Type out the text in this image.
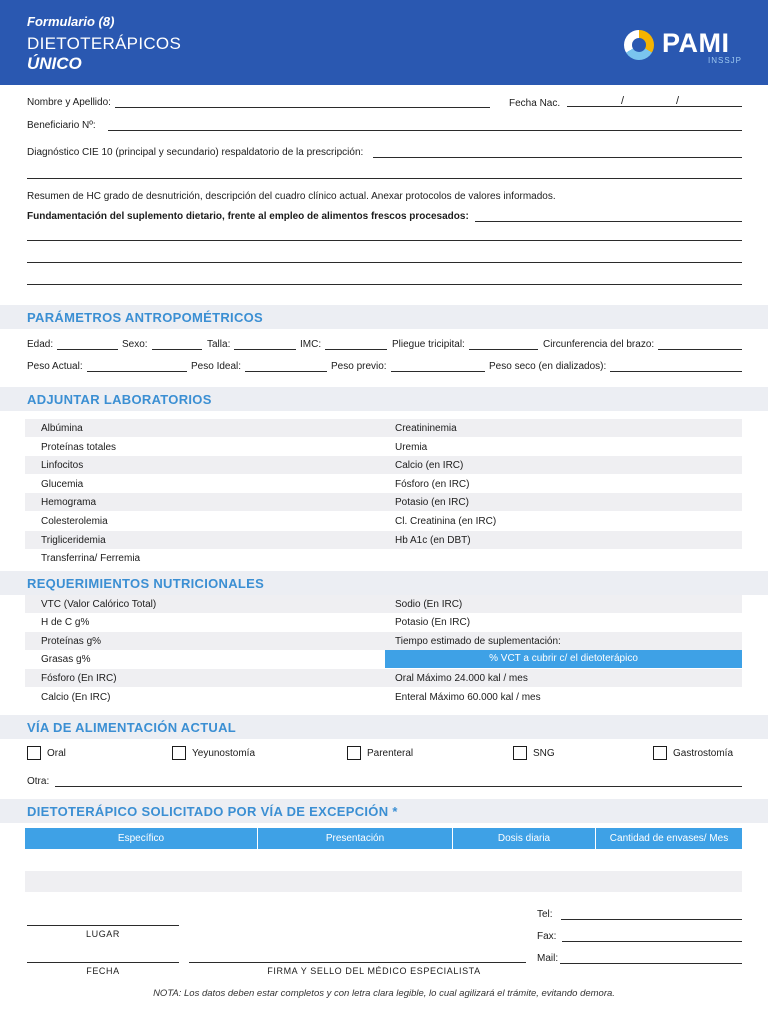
Formulario (8)
DIETOTERÁPICOS
ÚNICO
PAMI
INSSJP
Nombre y Apellido:	Fecha Nac.	/	/
Beneficiario Nº:
Diagnóstico CIE 10 (principal y secundario) respaldatorio de la prescripción:
Resumen de HC grado de desnutrición, descripción del cuadro clínico actual. Anexar protocolos de valores informados.
Fundamentación del suplemento dietario, frente al empleo de alimentos frescos procesados:
PARÁMETROS ANTROPOMÉTRICOS
Edad:	Sexo:	Talla:	IMC:	Pliegue tricipital:	Circunferencia del brazo:
Peso Actual:	Peso Ideal:	Peso previo:	Peso seco (en dializados):
ADJUNTAR LABORATORIOS
Albúmina	Creatininemia
Proteínas totales	Uremia
Linfocitos	Calcio (en IRC)
Glucemia	Fósforo (en IRC)
Hemograma	Potasio (en IRC)
Colesterolemia	Cl. Creatinina (en IRC)
Trigliceridemia	Hb A1c (en DBT)
Transferrina/ Ferremia
REQUERIMIENTOS NUTRICIONALES
VTC (Valor Calórico Total)	Sodio (En IRC)
H de C g%	Potasio (En IRC)
Proteínas g%	Tiempo estimado de suplementación:
Grasas g%	% VCT a cubrir c/ el dietoterápico
Fósforo (En IRC)	Oral Máximo 24.000 kal / mes
Calcio (En IRC)	Enteral Máximo 60.000 kal / mes
VÍA DE ALIMENTACIÓN ACTUAL
Oral	Yeyunostomía	Parenteral	SNG	Gastrostomía
Otra:
DIETOTERÁPICO SOLICITADO POR VÍA DE EXCEPCIÓN *
Específico	Presentación	Dosis diaria	Cantidad de envases/ Mes
LUGAR
FECHA	FIRMA Y SELLO DEL MÉDICO ESPECIALISTA
Tel:
Fax:
Mail:
NOTA: Los datos deben estar completos y con letra clara legible, lo cual agilizará el trámite, evitando demora.
